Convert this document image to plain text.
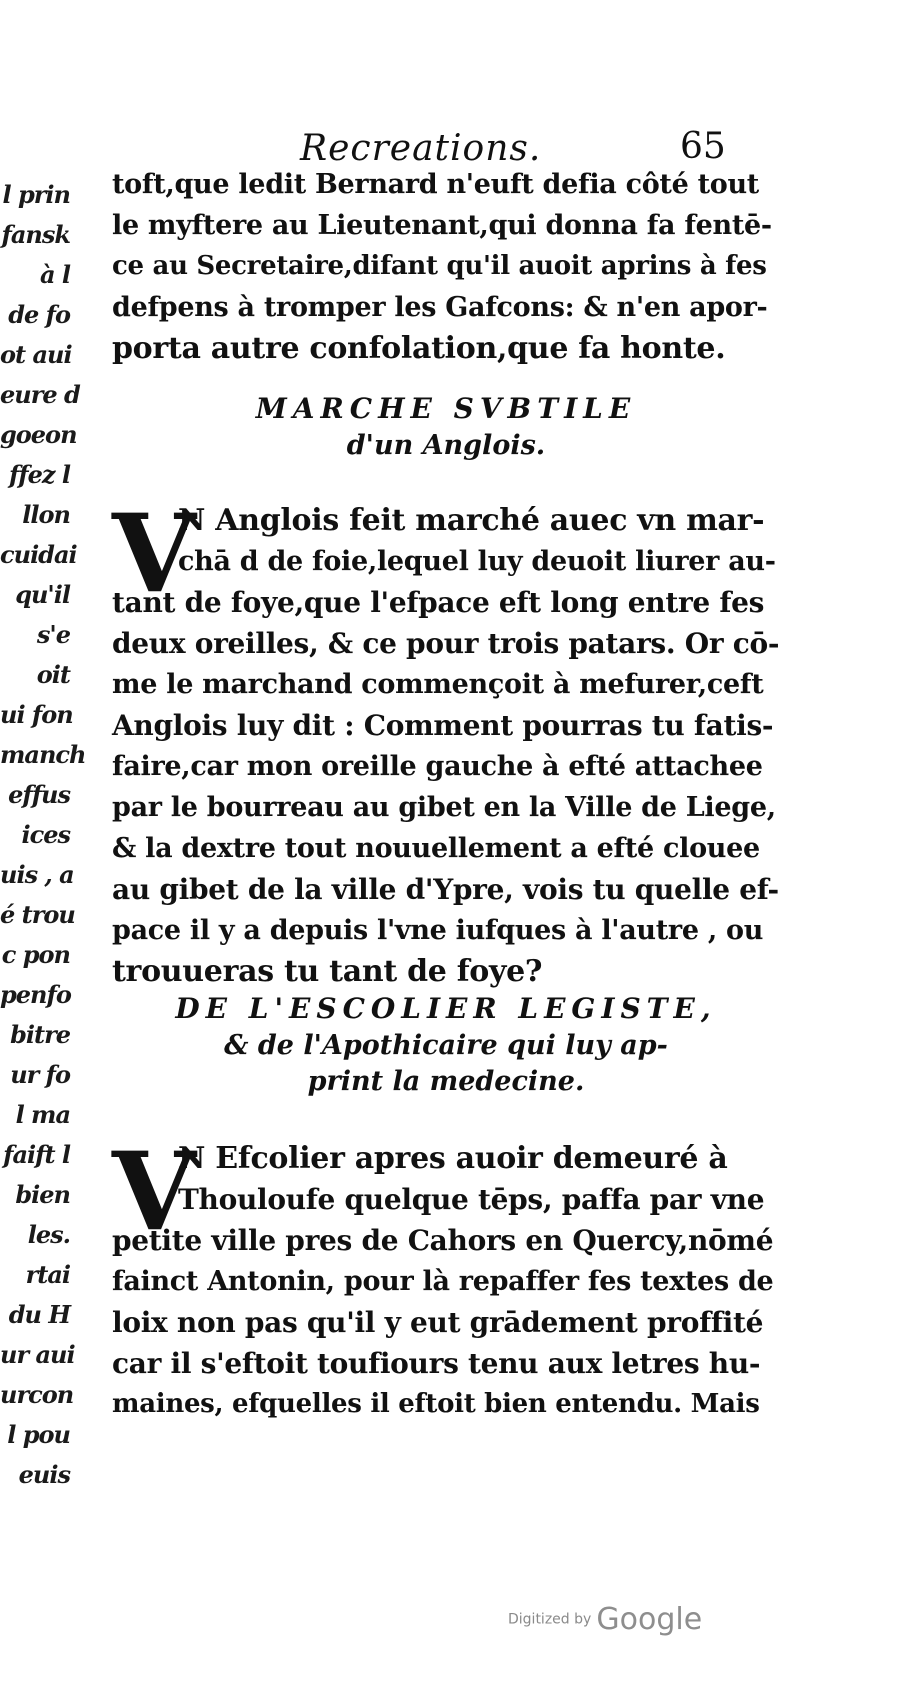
l prin
fansk
à l
de fo
ot aui
eure d
goeon
ffez l
llon
cuidai
qu'il
s'e
oit
ui fon
manch
effus
ices
uis , a
é trou
c pon
penfo
bitre
ur fo
l ma
faift l
bien
les.
rtai
du H
ur aui
urcon
l pou
euis
Recreations.	65
toft,que ledit Bernard n'euft defia côté tout
le myftere au Lieutenant,qui donna fa fentē-
ce au Secretaire,difant qu'il auoit aprins à fes
defpens à tromper les Gafcons: & n'en apor-
porta autre confolation,que fa honte.
MARCHE SVBTILE
d'un Anglois.
V
N Anglois feit marché auec vn mar-
chā d de foie,lequel luy deuoit liurer au-
tant de foye,que l'efpace eft long entre fes
deux oreilles, & ce pour trois patars. Or cō-
me le marchand commençoit à mefurer,ceft
Anglois luy dit : Comment pourras tu fatis-
faire,car mon oreille gauche à efté attachee
par le bourreau au gibet en la Ville de Liege,
& la dextre tout nouuellement a efté clouee
au gibet de la ville d'Ypre, vois tu quelle ef-
pace il y a depuis l'vne iufques à l'autre , ou
trouueras tu tant de foye?
DE L'ESCOLIER LEGISTE,
& de l'Apothicaire qui luy ap-
print la medecine.
V
N Efcolier apres auoir demeuré à
Thouloufe quelque tēps, paffa par vne
petite ville pres de Cahors en Quercy,nōmé
fainct Antonin, pour là repaffer fes textes de
loix non pas qu'il y eut grādement proffité
car il s'eftoit toufiours tenu aux letres hu-
maines, efquelles il eftoit bien entendu. Mais
Digitized by Google
